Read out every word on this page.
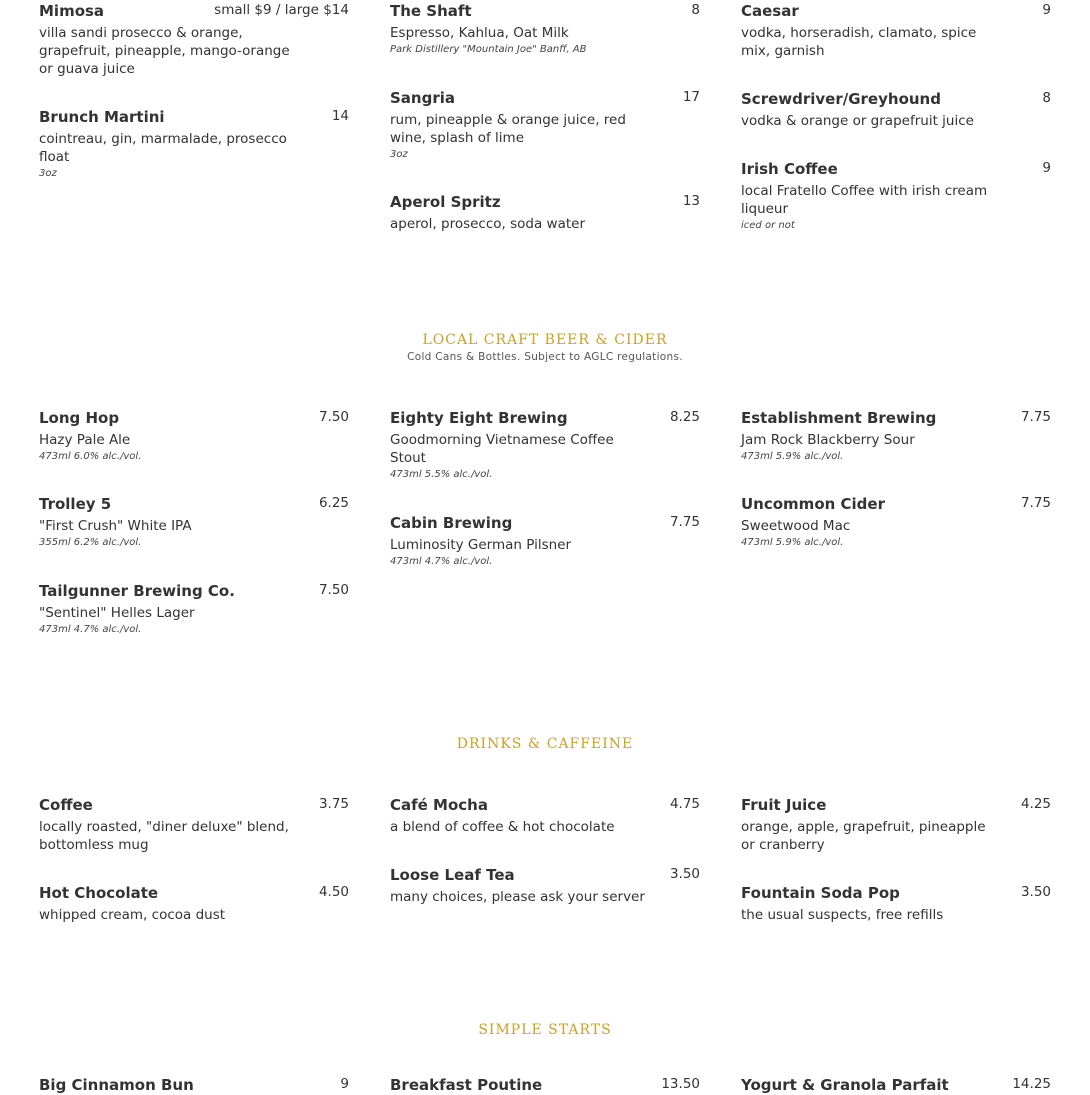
Mimosa	small $9 / large $14
villa sandi prosecco & orange, grapefruit, pineapple, mango-orange or guava juice
Brunch Martini	14
cointreau, gin, marmalade, prosecco float
3oz
The Shaft	8
Espresso, Kahlua, Oat Milk
Park Distillery "Mountain Joe" Banff, AB
Sangria	17
rum, pineapple & orange juice, red wine, splash of lime
3oz
Aperol Spritz	13
aperol, prosecco, soda water
Caesar	9
vodka, horseradish, clamato, spice mix, garnish
Screwdriver/Greyhound	8
vodka & orange or grapefruit juice
Irish Coffee	9
local Fratello Coffee with irish cream liqueur
iced or not
LOCAL CRAFT BEER & CIDER
Cold Cans & Bottles. Subject to AGLC regulations.
Long Hop	7.50
Hazy Pale Ale
473ml 6.0% alc./vol.
Trolley 5	6.25
"First Crush" White IPA
355ml 6.2% alc./vol.
Tailgunner Brewing Co.	7.50
"Sentinel" Helles Lager
473ml 4.7% alc./vol.
Eighty Eight Brewing	8.25
Goodmorning Vietnamese Coffee Stout
473ml 5.5% alc./vol.
Cabin Brewing	7.75
Luminosity German Pilsner
473ml 4.7% alc./vol.
Establishment Brewing	7.75
Jam Rock Blackberry Sour
473ml 5.9% alc./vol.
Uncommon Cider	7.75
Sweetwood Mac
473ml 5.9% alc./vol.
DRINKS & CAFFEINE
Coffee	3.75
locally roasted, "diner deluxe" blend, bottomless mug
Hot Chocolate	4.50
whipped cream, cocoa dust
Café Mocha	4.75
a blend of coffee & hot chocolate
Loose Leaf Tea	3.50
many choices, please ask your server
Fruit Juice	4.25
orange, apple, grapefruit, pineapple or cranberry
Fountain Soda Pop	3.50
the usual suspects, free refills
SIMPLE STARTS
Big Cinnamon Bun	9	Breakfast Poutine	13.50	Yogurt & Granola Parfait	14.25
